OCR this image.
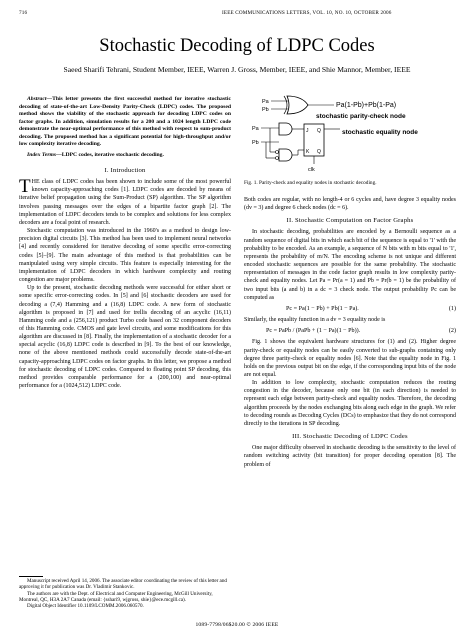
716	IEEE COMMUNICATIONS LETTERS, VOL. 10, NO. 10, OCTOBER 2006
Stochastic Decoding of LDPC Codes
Saeed Sharifi Tehrani, Student Member, IEEE, Warren J. Gross, Member, IEEE, and Shie Mannor, Member, IEEE

Abstract—This letter presents the first successful method for iterative stochastic decoding of state-of-the-art Low-Density Parity-Check (LDPC) codes. The proposed method shows the viability of the stochastic approach for decoding LDPC codes on factor graphs. In addition, simulation results for a 200 and a 1024 length LDPC code demonstrate the near-optimal performance of this method with respect to sum-product decoding. The proposed method has a significant potential for high-throughput and/or low complexity iterative decoding.

Index Terms—LDPC codes, iterative stochastic decoding.

I. Introduction

THE class of LDPC codes has been shown to include some of the most powerful known capacity-approaching codes [1]. LDPC codes are decoded by means of iterative belief propagation using the Sum-Product (SP) algorithm. The SP algorithm involves passing messages over the edges of a bipartite factor graph [2]. The implementation of LDPC decoders tends to be complex and solutions for less complex decoders are a focal point of research.

Stochastic computation was introduced in the 1960's as a method to design low-precision digital circuits [3]. This method has been used to implement neural networks [4] and recently considered for iterative decoding of some specific error-correcting codes [5]–[9]. The main advantage of this method is that probabilities can be manipulated using very simple circuits. This feature is especially interesting for the implementation of LDPC decoders in which hardware complexity and routing congestion are major problems.

Up to the present, stochastic decoding methods were successful for either short or some specific error-correcting codes. In [5] and [6] stochastic decoders are used for decoding a (7,4) Hamming and a (16,8) LDPC code. A new form of stochastic algorithm is proposed in [7] and used for trellis decoding of an acyclic (16,11) Hamming code and a (256,121) product Turbo code based on 32 component decoders of this Hamming code. CMOS and gate level circuits, and some modifications for this algorithm are discussed in [8]. Finally, the implementation of a stochastic decoder for a special acyclic (16,8) LDPC code is described in [9]. To the best of our knowledge, none of the above mentioned methods could successfully decode state-of-the-art capacity-approaching LDPC codes on factor graphs. In this letter, we propose a method for stochastic decoding of LDPC codes. Compared to floating point SP decoding, this method provides comparable performance for a (200,100) and near-optimal performance for a (1024,512) LDPC code.

Manuscript received April 14, 2006. The associate editor coordinating the review of this letter and approving it for publication was Dr. Vladimir Stankovic.
The authors are with the Dept. of Electrical and Computer Engineering, McGill University, Montreal, QC, H3A 2A7 Canada (email: {sshari9, wjgross, shie}@ece.mcgill.ca).
Digital Object Identifier 10.1109/LCOMM.2006.060570.
1089-7798/06$20.00 © 2006 IEEE
Pa
Pb
Pa(1-Pb)+Pb(1-Pa)
stochastic parity-check node
Pa
Pb
J
K
Q
Q
clk
stochastic equality node
Fig. 1. Parity-check and equality nodes in stochastic decoding.

Both codes are regular, with no length-4 or 6 cycles and, have degree 3 equality nodes (dv = 3) and degree 6 check nodes (dc = 6).

II. Stochastic Computation on Factor Graphs

In stochastic decoding, probabilities are encoded by a Bernoulli sequence as a random sequence of digital bits in which each bit of the sequence is equal to '1' with the probability to be encoded. As an example, a sequence of N bits with m bits equal to '1', represents the probability of m/N. The encoding scheme is not unique and different encoded stochastic sequences are possible for the same probability. The stochastic representation of messages in the code factor graph results in low complexity parity-check and equality nodes. Let Pa = Pr(a = 1) and Pb = Pr(b = 1) be the probability of two input bits (a and b) in a dc = 3 check node. The output probability Pc can be computed as

Pc = Pa(1 − Pb) + Pb(1 − Pa).	(1)

Similarly, the equality function in a dv = 3 equality node is

Pc = PaPb / (PaPb + (1 − Pa)(1 − Pb)).	(2)

Fig. 1 shows the equivalent hardware structures for (1) and (2). Higher degree parity-check or equality nodes can be easily converted to sub-graphs containing only degree three parity-check or equality nodes [6]. Note that the equality node in Fig. 1 holds on the previous output bit on the edge, if the corresponding input bits of the node are not equal.

In addition to low complexity, stochastic computation reduces the routing congestion in the decoder, because only one bit (in each direction) is needed to represent each edge between parity-check and equality nodes. Therefore, the decoding algorithm proceeds by the nodes exchanging bits along each edge in the graph. We refer to decoding rounds as Decoding Cycles (DCs) to emphasize that they do not correspond directly to the iterations in SP decoding.

III. Stochastic Decoding of LDPC Codes

One major difficulty observed in stochastic decoding is the sensitivity to the level of random switching activity (bit transition) for proper decoding operation [8]. The problem of
